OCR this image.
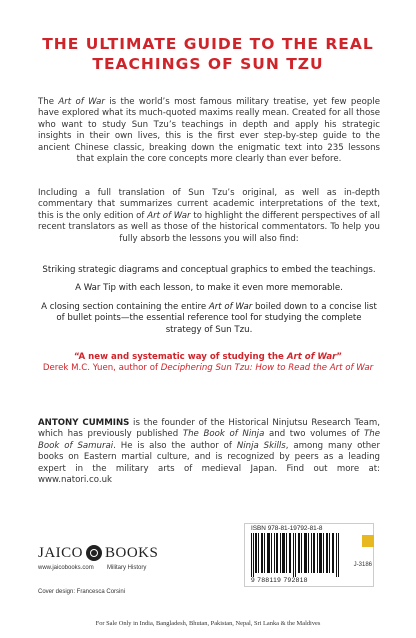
THE ULTIMATE GUIDE TO THE REAL
TEACHINGS OF SUN TZU
The Art of War is the world’s most famous military treatise, yet few people have explored what its much-quoted maxims really mean. Created for all those who want to study Sun Tzu’s teachings in depth and apply his strategic insights in their own lives, this is the first ever step-by-step guide to the ancient Chinese classic, breaking down the enigmatic text into 235 lessons that explain the core concepts more clearly than ever before.
Including a full translation of Sun Tzu’s original, as well as in-depth commentary that summarizes current academic interpretations of the text, this is the only edition of Art of War to highlight the different perspectives of all recent translators as well as those of the historical commentators. To help you fully absorb the lessons you will also find:
Striking strategic diagrams and conceptual graphics to embed the teachings.
A War Tip with each lesson, to make it even more memorable.
A closing section containing the entire Art of War boiled down to a concise list of bullet points—the essential reference tool for studying the complete strategy of Sun Tzu.
“A new and systematic way of studying the Art of War”
Derek M.C. Yuen, author of Deciphering Sun Tzu: How to Read the Art of War
ANTONY CUMMINS is the founder of the Historical Ninjutsu Research Team, which has previously published The Book of Ninja and two volumes of The Book of Samurai. He is also the author of Ninja Skills, among many other books on Eastern martial culture, and is recognized by peers as a leading expert in the military arts of medieval Japan. Find out more at: www.natori.co.uk
JAICO BOOKS
www.jaicobooks.com Military History
Cover design: Francesca Corsini
ISBN 978-81-19792-81-8
9 788119 792818
J-3186
For Sale Only in India, Bangladesh, Bhutan, Pakistan, Nepal, Sri Lanka & the Maldives
